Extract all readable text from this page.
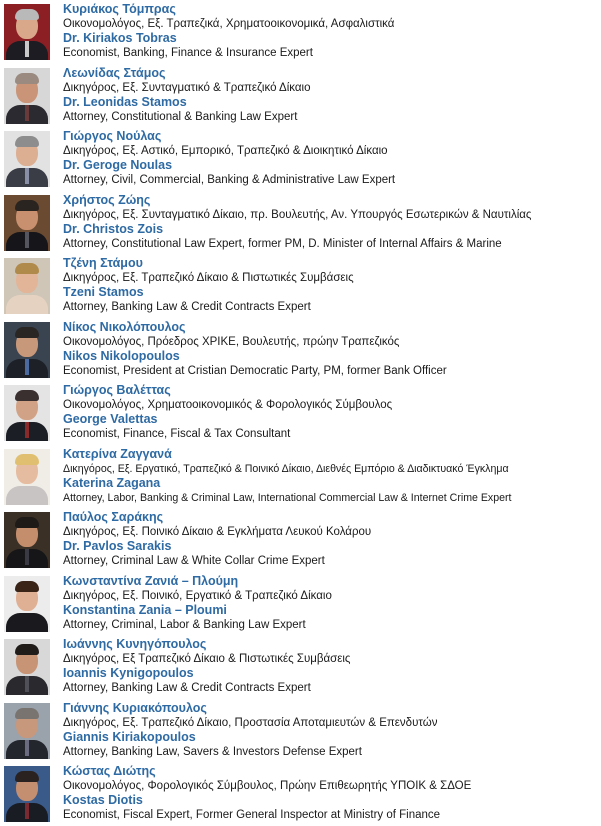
Κυριάκος Τόμπρας
Οικονομολόγος, Εξ. Τραπεζικά, Χρηματοοικονομικά, Ασφαλιστικά
Dr. Kiriakos Tobras
Economist, Banking, Finance & Insurance Expert
Λεωνίδας Στάμος
Δικηγόρος, Εξ. Συνταγματικό & Τραπεζικό Δίκαιο
Dr. Leonidas Stamos
Attorney, Constitutional & Banking Law Expert
Γιώργος Νούλας
Δικηγόρος, Εξ. Αστικό, Εμπορικό, Τραπεζικό & Διοικητικό Δίκαιο
Dr. Geroge Noulas
Attorney, Civil, Commercial, Banking & Administrative Law Expert
Χρήστος Ζώης
Δικηγόρος, Εξ. Συνταγματικό Δίκαιο, πρ. Βουλευτής, Αν. Υπουργός Εσωτερικών & Ναυτιλίας
Dr. Christos Zois
Attorney, Constitutional Law Expert, former PM, D. Minister of Internal Affairs & Marine
Τζένη Στάμου
Δικηγόρος, Εξ. Τραπεζικό Δίκαιο & Πιστωτικές Συμβάσεις
Tzeni Stamos
Attorney, Banking Law & Credit Contracts Expert
Νίκος Νικολόπουλος
Οικονομολόγος, Πρόεδρος ΧΡΙΚΕ, Βουλευτής, πρώην Τραπεζικός
Nikos Nikolopoulos
Economist, President at Cristian Democratic Party, PM, former Bank Officer
Γιώργος Βαλέττας
Οικονομολόγος, Χρηματοοικονομικός & Φορολογικός Σύμβουλος
George Valettas
Economist, Finance, Fiscal & Tax Consultant
Κατερίνα Ζαγγανά
Δικηγόρος, Εξ. Εργατικό, Τραπεζικό & Ποινικό Δίκαιο, Διεθνές Εμπόριο & Διαδικτυακό Έγκλημα
Katerina Zagana
Attorney, Labor, Banking & Criminal Law, International Commercial Law & Internet Crime Expert
Παύλος Σαράκης
Δικηγόρος, Εξ. Ποινικό Δίκαιο & Εγκλήματα Λευκού Κολάρου
Dr. Pavlos Sarakis
Attorney, Criminal Law & White Collar Crime Expert
Κωνσταντίνα Ζανιά – Πλούμη
Δικηγόρος, Εξ. Ποινικό, Εργατικό & Τραπεζικό Δίκαιο
Konstantina Zania – Ploumi
Attorney, Criminal, Labor & Banking Law Expert
Ιωάννης Κυνηγόπουλος
Δικηγόρος, Εξ Τραπεζικό Δίκαιο & Πιστωτικές Συμβάσεις
Ioannis Kynigopoulos
Attorney, Banking Law & Credit Contracts Expert
Γιάννης Κυριακόπουλος
Δικηγόρος, Εξ. Τραπεζικό Δίκαιο, Προστασία Αποταμιευτών & Επενδυτών
Giannis Kiriakopoulos
Attorney, Banking Law, Savers & Investors Defense Expert
Κώστας Διώτης
Οικονομολόγος, Φορολογικός Σύμβουλος, Πρώην Επιθεωρητής ΥΠΟΙΚ & ΣΔΟΕ
Kostas Diotis
Economist, Fiscal Expert, Former General Inspector at Ministry of Finance
